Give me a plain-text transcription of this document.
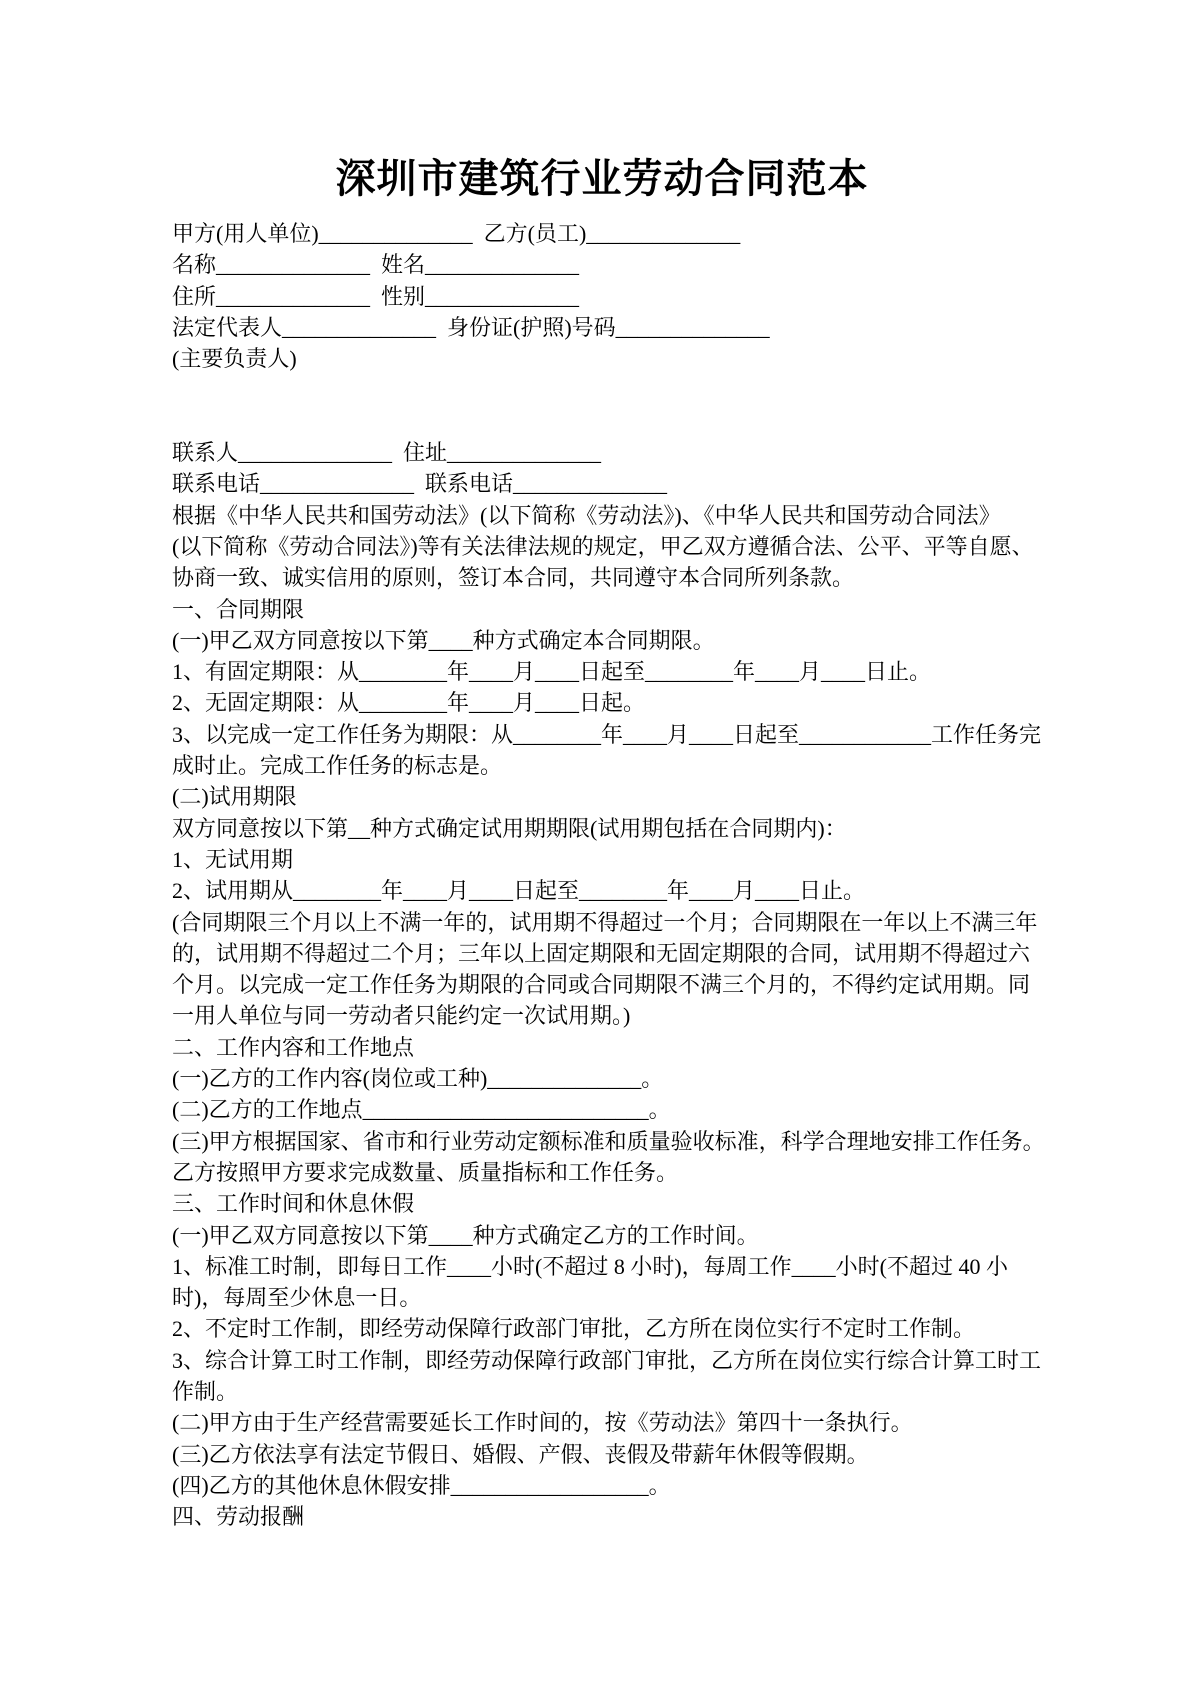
深圳市建筑行业劳动合同范本
甲方(用人单位)______________  乙方(员工)______________
名称______________  姓名______________
住所______________  性别______________
法定代表人______________  身份证(护照)号码______________
(主要负责人)
联系人______________  住址______________
联系电话______________  联系电话______________
根据《中华人民共和国劳动法》(以下简称《劳动法》)、《中华人民共和国劳动合同法》
(以下简称《劳动合同法》)等有关法律法规的规定，甲乙双方遵循合法、公平、平等自愿、
协商一致、诚实信用的原则，签订本合同，共同遵守本合同所列条款。
一、合同期限
(一)甲乙双方同意按以下第____种方式确定本合同期限。
1、有固定期限：从________年____月____日起至________年____月____日止。
2、无固定期限：从________年____月____日起。
3、以完成一定工作任务为期限：从________年____月____日起至____________工作任务完
成时止。完成工作任务的标志是。
(二)试用期限
双方同意按以下第__种方式确定试用期期限(试用期包括在合同期内)：
1、无试用期
2、试用期从________年____月____日起至________年____月____日止。
(合同期限三个月以上不满一年的，试用期不得超过一个月；合同期限在一年以上不满三年
的，试用期不得超过二个月；三年以上固定期限和无固定期限的合同，试用期不得超过六
个月。以完成一定工作任务为期限的合同或合同期限不满三个月的，不得约定试用期。同
一用人单位与同一劳动者只能约定一次试用期。)
二、工作内容和工作地点
(一)乙方的工作内容(岗位或工种)______________。
(二)乙方的工作地点__________________________。
(三)甲方根据国家、省市和行业劳动定额标准和质量验收标准，科学合理地安排工作任务。
乙方按照甲方要求完成数量、质量指标和工作任务。
三、工作时间和休息休假
(一)甲乙双方同意按以下第____种方式确定乙方的工作时间。
1、标准工时制，即每日工作____小时(不超过 8 小时)，每周工作____小时(不超过 40 小
时)，每周至少休息一日。
2、不定时工作制，即经劳动保障行政部门审批，乙方所在岗位实行不定时工作制。
3、综合计算工时工作制，即经劳动保障行政部门审批，乙方所在岗位实行综合计算工时工
作制。
(二)甲方由于生产经营需要延长工作时间的，按《劳动法》第四十一条执行。
(三)乙方依法享有法定节假日、婚假、产假、丧假及带薪年休假等假期。
(四)乙方的其他休息休假安排__________________。
四、劳动报酬
